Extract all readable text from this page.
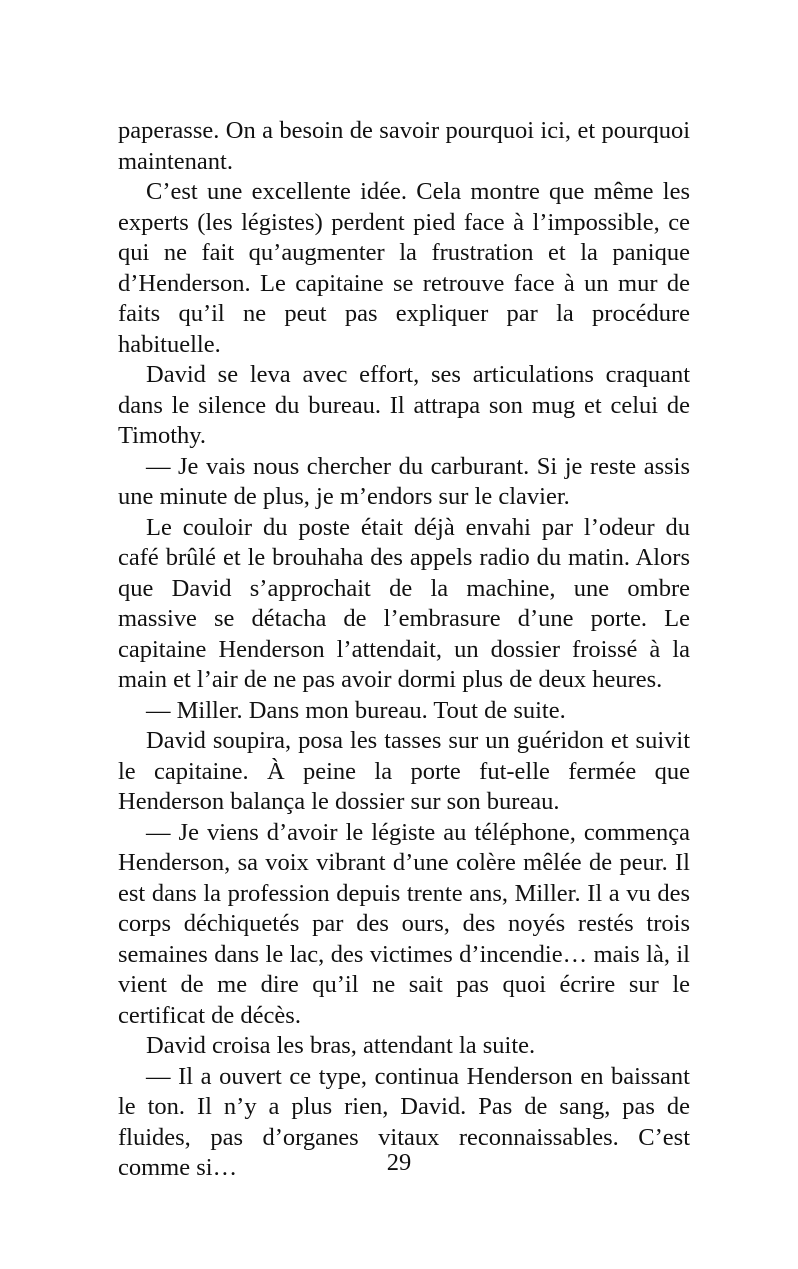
paperasse. On a besoin de savoir pourquoi ici, et pourquoi maintenant.

C’est une excellente idée. Cela montre que même les experts (les légistes) perdent pied face à l’impossible, ce qui ne fait qu’augmenter la frustration et la panique d’Henderson. Le capitaine se retrouve face à un mur de faits qu’il ne peut pas expliquer par la procédure habituelle.

David se leva avec effort, ses articulations craquant dans le silence du bureau. Il attrapa son mug et celui de Timothy.

— Je vais nous chercher du carburant. Si je reste assis une minute de plus, je m’endors sur le clavier.

Le couloir du poste était déjà envahi par l’odeur du café brûlé et le brouhaha des appels radio du matin. Alors que David s’approchait de la machine, une ombre massive se détacha de l’embrasure d’une porte. Le capitaine Henderson l’attendait, un dossier froissé à la main et l’air de ne pas avoir dormi plus de deux heures.

— Miller. Dans mon bureau. Tout de suite.

David soupira, posa les tasses sur un guéridon et suivit le capitaine. À peine la porte fut-elle fermée que Henderson balança le dossier sur son bureau.

— Je viens d’avoir le légiste au téléphone, commença Henderson, sa voix vibrant d’une colère mêlée de peur. Il est dans la profession depuis trente ans, Miller. Il a vu des corps déchiquetés par des ours, des noyés restés trois semaines dans le lac, des victimes d’incendie… mais là, il vient de me dire qu’il ne sait pas quoi écrire sur le certificat de décès.

David croisa les bras, attendant la suite.

— Il a ouvert ce type, continua Henderson en baissant le ton. Il n’y a plus rien, David. Pas de sang, pas de fluides, pas d’organes vitaux reconnaissables. C’est comme si…	29
